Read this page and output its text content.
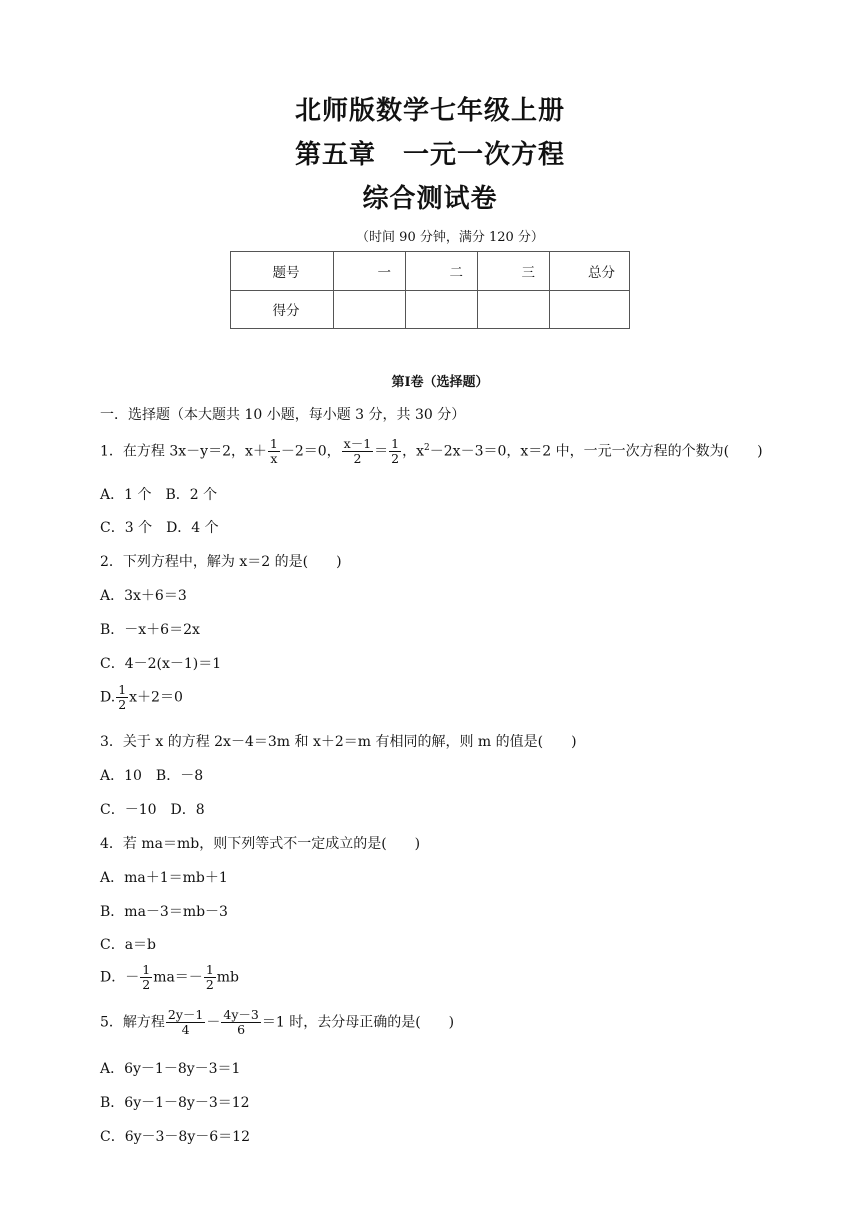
北师版数学七年级上册
第五章　一元一次方程
综合测试卷
（时间 90 分钟，满分 120 分）
题号	一	二	三	总分
得分				
第Ⅰ卷（选择题）
一．选择题（本大题共 10 小题，每小题 3 分，共 30 分）
1．在方程 3x－y＝2，$x+ \frac{1}{x} -2=0$， $\frac{x-1}{2} = \frac{1}{2}$ ，$x^2-2x-3=0$，x＝2 中，一元一次方程的个数为(　　)
A．1 个　B．2 个
C．3 个　D．4 个
2．下列方程中，解为 x＝2 的是(　　)
A．3x＋6＝3
B．－x＋6＝2x
C．4－2(x－1)＝1
D. $\frac{1}{2} x+2=0$
3．关于 x 的方程 2x－4＝3m 和 x＋2＝m 有相同的解，则 m 的值是(　　)
A．10　B．－8
C．－10　D．8
4．若 ma＝mb，则下列等式不一定成立的是(　　)
A．ma＋1＝mb＋1
B．ma－3＝mb－3
C．a＝b
D．－ $\frac{1}{2} ma=- \frac{1}{2}$ mb
5．解方程 $\frac{2y-1}{4} - \frac{4y-3}{6} =1$ 时，去分母正确的是(　　)
A．6y－1－8y－3＝1
B．6y－1－8y－3＝12
C．6y－3－8y－6＝12
